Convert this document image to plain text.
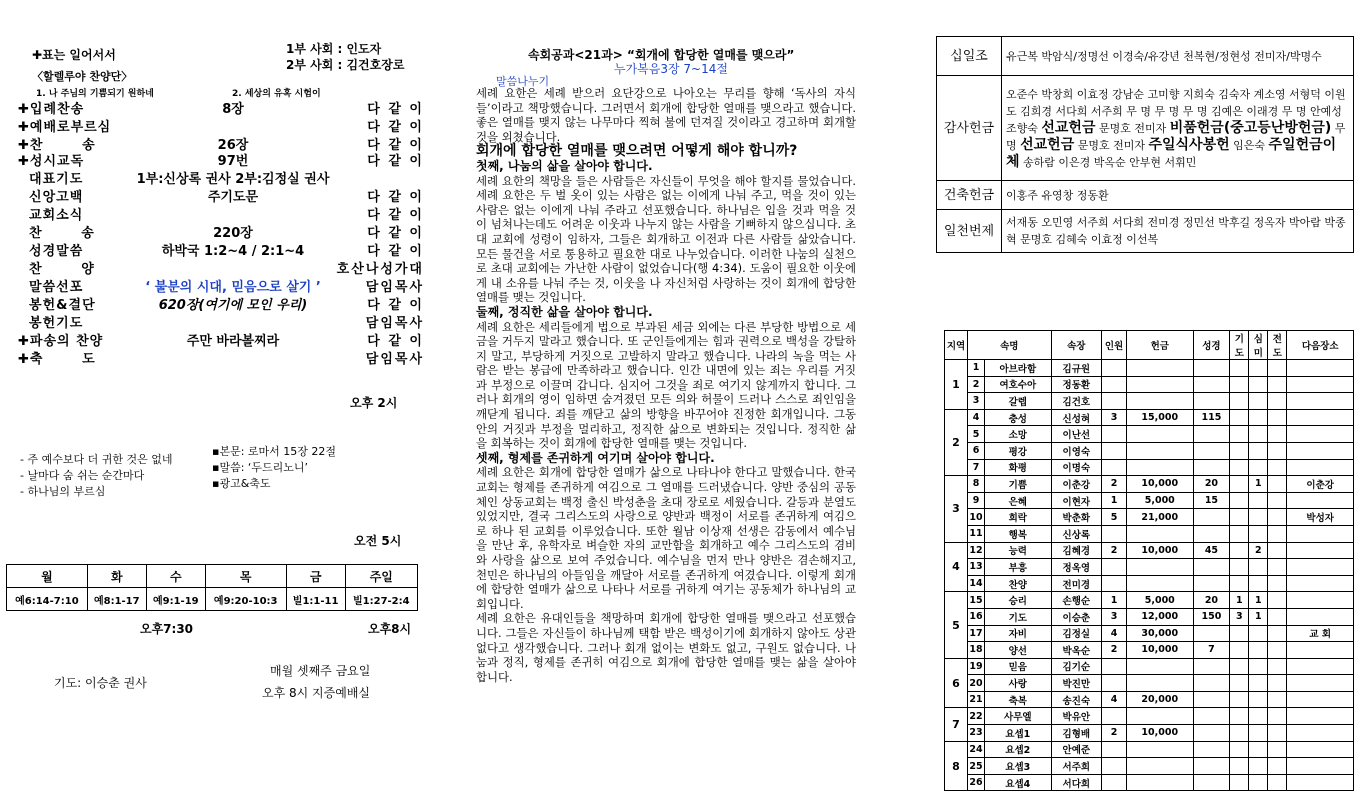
✚표는 일어서서
〈할렐루야 찬양단〉
1부 사회 : 인도자
2부 사회 : 김건호장로
1. 나 주님의 기쁨되기 원하네	2. 세상의 유혹 시험이
✚입례찬송	8장	다 같 이
✚예배로부르심	다 같 이
✚찬       송	26장	다 같 이
✚성시교독	97번	다 같 이
대표기도	1부:신상록 권사 2부:김정실 권사
신앙고백	주기도문	다 같 이
교회소식	다 같 이
찬       송	220장	다 같 이
성경말씀	하박국 1:2~4 / 2:1~4	다 같 이
찬       양	호산나성가대
말씀선포	‘ 불분의 시대, 믿음으로 살기 ’	담임목사
봉헌&결단	620장(여기에 모인 우리)	다 같 이
봉헌기도	담임목사
✚파송의 찬양	주만 바라볼찌라	다 같 이
✚축       도	담임목사
오후 2시
- 주 예수보다 더 귀한 것은 없네
- 날마다 숨 쉬는 순간마다
- 하나님의 부르심
▪본문: 로마서 15장 22절
▪말씀: ‘두드리노니’
▪광고&축도
오전 5시
월	화	수	목	금	주일
예6:14-7:10	예8:1-17	예9:1-19	예9:20-10:3	빌1:1-11	빌1:27-2:4
오후7:30	오후8시
기도: 이승춘 권사
매월 셋째주 금요일
오후 8시 지증예배실
속회공과<21과> “회개에 합당한 열매를 맺으라”
누가복음3장 7~14절
말씀나누기

세례 요한은 세례 받으러 요단강으로 나아오는 무리를 향해 ‘독사의 자식들’이라고 책망했습니다. 그러면서 회개에 합당한 열매를 맺으라고 했습니다. 좋은 열매를 맺지 않는 나무마다 찍혀 불에 던져질 것이라고 경고하며 회개할 것을 외쳤습니다.

회개에 합당한 열매를 맺으려면 어떻게 해야 합니까?

첫째, 나눔의 삶을 살아야 합니다.

세례 요한의 책망을 들은 사람들은 자신들이 무엇을 해야 할지를 물었습니다. 세례 요한은 두 벌 옷이 있는 사람은 없는 이에게 나눠 주고, 먹을 것이 있는 사람은 없는 이에게 나눠 주라고 선포했습니다. 하나님은 입을 것과 먹을 것이 넘쳐나는데도 어려운 이웃과 나누지 않는 사람을 기뻐하지 않으십니다. 초대 교회에 성령이 임하자, 그들은 회개하고 이전과 다른 사람들 삶았습니다. 모든 물건을 서로 통용하고 필요한 대로 나누었습니다. 이러한 나눔의 실천으로 초대 교회에는 가난한 사람이 없었습니다(행 4:34). 도움이 필요한 이웃에게 내 소유를 나눠 주는 것, 이웃을 나 자신처럼 사랑하는 것이 회개에 합당한 열매를 맺는 것입니다.

둘째, 정직한 삶을 살아야 합니다.

세례 요한은 세리들에게 법으로 부과된 세금 외에는 다른 부당한 방법으로 세금을 거두지 말라고 했습니다. 또 군인들에게는 힘과 권력으로 백성을 강탈하지 말고, 부당하게 거짓으로 고발하지 말라고 했습니다. 나라의 녹을 먹는 사람은 받는 봉급에 만족하라고 했습니다. 인간 내면에 있는 죄는 우리를 거짓과 부정으로 이끌며 갑니다. 심지어 그것을 죄로 여기지 않게까지 합니다. 그러나 회개의 영이 임하면 숨겨졌던 모든 의와 허물이 드러나 스스로 죄인임을 깨닫게 됩니다. 죄를 깨닫고 삶의 방향을 바꾸어야 진정한 회개입니다. 그동안의 거짓과 부정을 멀리하고, 정직한 삶으로 변화되는 것입니다. 정직한 삶을 회복하는 것이 회개에 합당한 열매를 맺는 것입니다.

셋째, 형제를 존귀하게 여기며 살아야 합니다.

세례 요한은 회개에 합당한 열매가 삶으로 나타나야 한다고 말했습니다. 한국교회는 형제를 존귀하게 여김으로 그 열매를 드러냈습니다. 양반 중심의 공동체인 상동교회는 백정 출신 박성춘을 초대 장로로 세웠습니다. 갈등과 분열도 있었지만, 결국 그리스도의 사랑으로 양반과 백정이 서로를 존귀하게 여김으로 하나 된 교회를 이루었습니다. 또한 월남 이상재 선생은 감동에서 예수님을 만난 후, 유학자로 벼슬한 자의 교만함을 회개하고 예수 그리스도의 겸비와 사랑을 삶으로 보여 주었습니다. 예수님을 먼저 만나 양반은 겸손해지고, 천민은 하나님의 아들임을 깨달아 서로를 존귀하게 여겼습니다. 이렇게 회개에 합당한 열매가 삶으로 나타나 서로를 귀하게 여기는 공동체가 하나님의 교회입니다.

세례 요한은 유대인들을 책망하며 회개에 합당한 열매를 맺으라고 선포했습니다. 그들은 자신들이 하나님께 택함 받은 백성이기에 회개하지 않아도 상관없다고 생각했습니다. 그러나 회개 없이는 변화도 없고, 구원도 없습니다. 나눔과 정직, 형제를 존귀히 여김으로 회개에 합당한 열매를 맺는 삶을 살아야 합니다.

십일조	유근복 박암식/정명선 이경숙/유강년 천복현/정현성 전미자/박명수
감사헌금	오준수 박창희 이효정 강남순 고미향 지희숙 김숙자 계소영 서형덕 이원도 김희경 서다희 서주희 무 명 무 명 무 명 김예은 이래경 무 명 안예성 조향숙 선교헌금 문명호 전미자 비품헌금(중고등난방헌금) 무 명 선교헌금 문명호 전미자 주일식사봉헌 임은숙 주일헌금이체 송하람 이은경 박옥순 안부현 서휘민
건축헌금	이홍주 유영창 정동환
일천번제	서재동 오민영 서주희 서다희 전미경 정민선 박후길 정옥자 박아람 박종혁 문명호 김혜숙 이효정 이선복
지역	속명		속장	인원	헌금	성경	기도	심미	전도	다음장소
1	1	아브라함	김규원							
	2	여호수아	정동환							
	3	갈렙	김건호							
2	4	충성	신성혀	3	15,000	115				
	5	소망	이난선							
	6	평강	이영숙							
	7	화평	이명숙							
3	8	기쁨	이춘강	2	10,000	20		1		이춘강
	9	은혜	이현자	1	5,000	15				
	10	희락	박춘화	5	21,000					박성자
	11	행복	신상록							
4	12	능력	김혜경	2	10,000	45		2		
	13	부흥	정옥영							
	14	찬양	전미경							
5	15	승리	손행순	1	5,000	20	1	1		
	16	기도	이승춘	3	12,000	150	3	1		
	17	자비	김정실	4	30,000					교 회
	18	양선	박옥순	2	10,000	7				
6	19	믿음	김기순							
	20	사랑	박진만							
	21	축복	송진숙	4	20,000					
7	22	사무엘	박유안							
	23	요셉1	김형배	2	10,000					
8	24	요셉2	안예준							
	25	요셉3	서주희							
	26	요셉4	서다희							
